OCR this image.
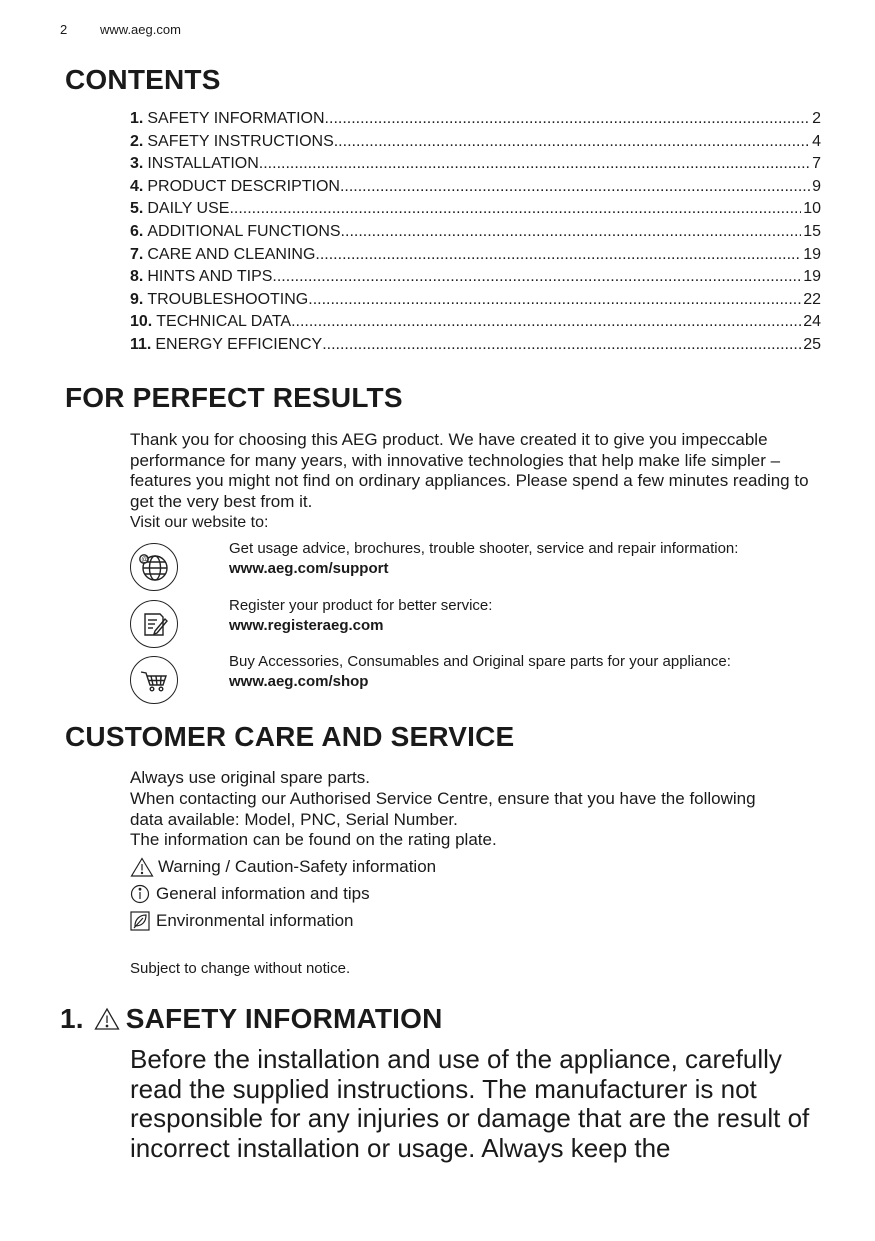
2	www.aeg.com
CONTENTS
1. SAFETY INFORMATION .....	2
2. SAFETY INSTRUCTIONS .....	4
3. INSTALLATION .....	7
4. PRODUCT DESCRIPTION .....	9
5. DAILY USE .....	10
6. ADDITIONAL FUNCTIONS .....	15
7. CARE AND CLEANING .....	19
8. HINTS AND TIPS .....	19
9. TROUBLESHOOTING .....	22
10. TECHNICAL DATA .....	24
11. ENERGY EFFICIENCY .....	25
FOR PERFECT RESULTS
Thank you for choosing this AEG product. We have created it to give you impeccable performance for many years, with innovative technologies that help make life simpler – features you might not find on ordinary appliances. Please spend a few minutes reading to get the very best from it.
Visit our website to:
@
Get usage advice, brochures, trouble shooter, service and repair information:
www.aeg.com/support
Register your product for better service:
www.registeraeg.com
Buy Accessories, Consumables and Original spare parts for your appliance:
www.aeg.com/shop
CUSTOMER CARE AND SERVICE
Always use original spare parts.
When contacting our Authorised Service Centre, ensure that you have the following data available: Model, PNC, Serial Number.
The information can be found on the rating plate.
Warning / Caution-Safety information
General information and tips
Environmental information
Subject to change without notice.
1. SAFETY INFORMATION
Before the installation and use of the appliance, carefully read the supplied instructions. The manufacturer is not responsible for any injuries or damage that are the result of incorrect installation or usage. Always keep the
